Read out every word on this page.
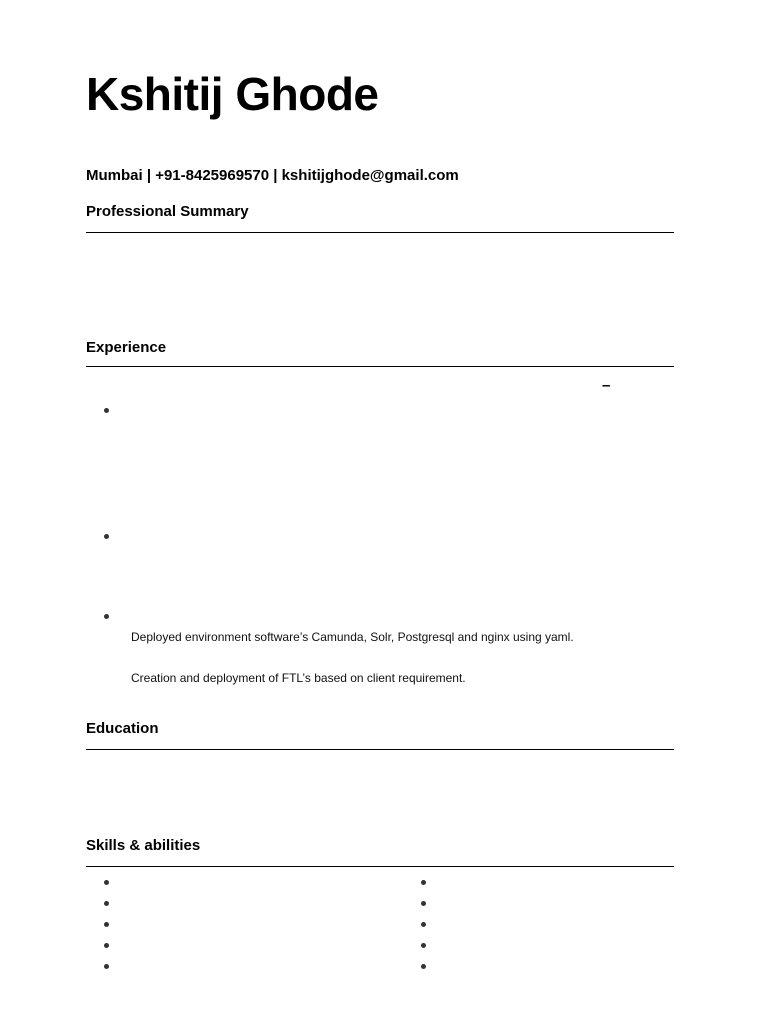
Kshitij Ghode
Mumbai | +91-8425969570 | kshitijghode@gmail.com
Professional Summary
Experience
–
Deployed environment software’s Camunda, Solr, Postgresql and nginx using yaml.
Creation and deployment of FTL’s based on client requirement.
Education
Skills & abilities
